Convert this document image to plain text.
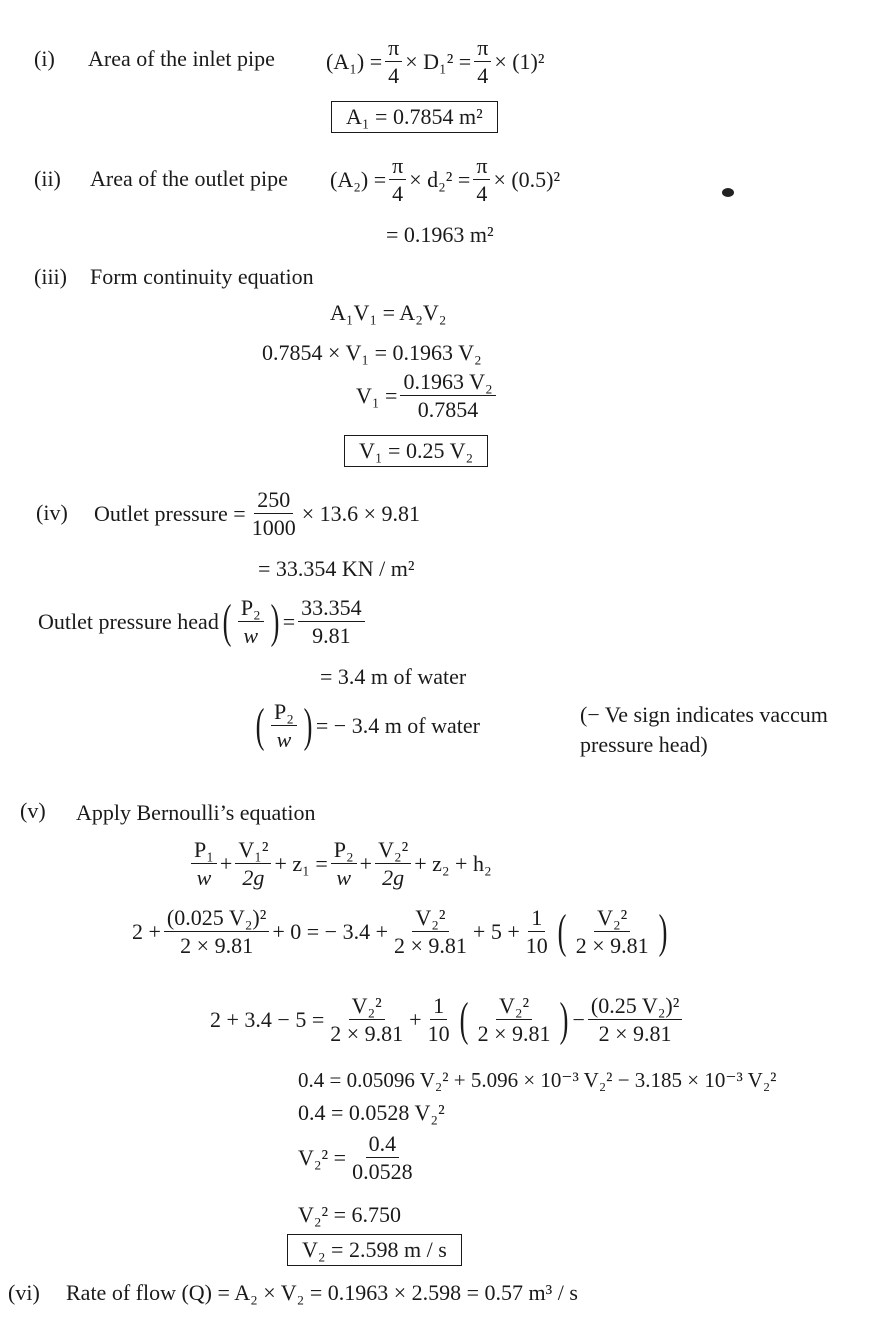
(i) Area of the inlet pipe $(A_1) = \frac{\pi}{4} \times D_1^2 = \frac{\pi}{4} \times (1)^2$
A₁ = 0.7854 m²
(ii) Area of the outlet pipe $(A_2) = \frac{\pi}{4} \times d_2^2 = \frac{\pi}{4} \times (0.5)^2$
= 0.1963 m²
(iii) Form continuity equation
A₁V₁ = A₂V₂
0.7854 × V₁ = 0.1963 V₂
$V_1 = \frac{\text{0.1963 V₂}}{0.7854}$
V₁ = 0.25 V₂
(iv) Outlet pressure = $\frac{250}{1000} \times 13.6 \times 9.81$
= 33.354 KN / m²
Outlet pressure head ( $\frac{\text{P₂}}{w}$ ) = $\frac{33.354}{9.81}$
= 3.4 m of water
( $\frac{\text{P₂}}{w}$ ) = − 3.4 m of water	(− Ve sign indicates vaccum
pressure head)
(v) Apply Bernoulli’s equation
$\frac{\text{P₁}}{w} + \frac{\text{V₁²}}{2g} + z_1 = \frac{\text{P₂}}{w} + \frac{\text{V₂²}}{2g} + z_2 + h_2$
$2 + \frac{\text{(0.025 V₂)²}}{2 \times 9.81} + 0$ = − $3.4 + \frac{\text{V₂²}}{2 \times 9.81} + 5 + \frac{1}{10}$ ( $\frac{\text{V₂²}}{2 \times 9.81}$ )
$2 + 3.4 - 5 = \frac{\text{V₂²}}{2 \times 9.81} + \frac{1}{10}$ ( $\frac{\text{V₂²}}{2 \times 9.81}$ ) − $\frac{\text{(0.25 V₂)²}}{2 \times 9.81}$
0.4 = 0.05096 V₂² + 5.096 × 10⁻³ V₂² − 3.185 × 10⁻³ V₂²
0.4 = 0.0528 V₂²
$V_2^2 = \frac{0.4}{0.0528}$
V₂² = 6.750
V₂ = 2.598 m / s
(vi) Rate of flow (Q) = A₂ × V₂ = 0.1963 × 2.598 = 0.57 m³ / s
